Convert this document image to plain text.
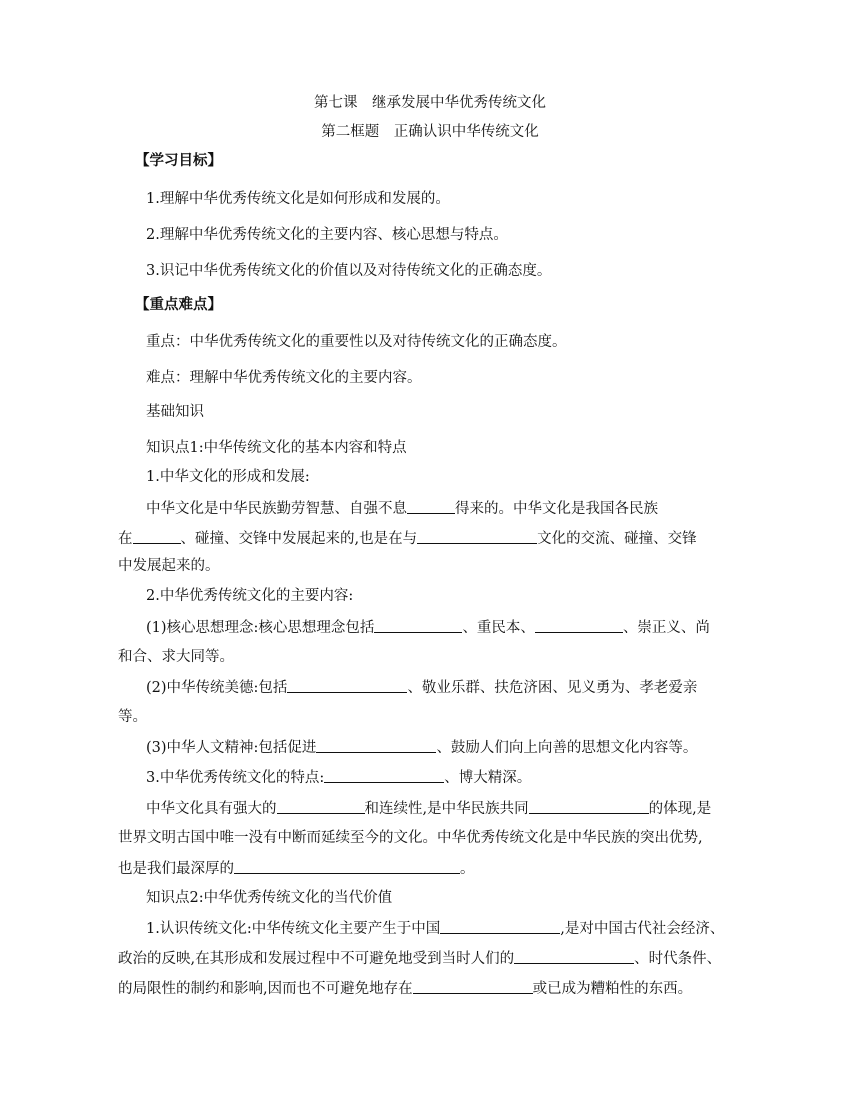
第七课　继承发展中华优秀传统文化
第二框题　正确认识中华传统文化
【学习目标】
1.理解中华优秀传统文化是如何形成和发展的。
2.理解中华优秀传统文化的主要内容、核心思想与特点。
3.识记中华优秀传统文化的价值以及对待传统文化的正确态度。
【重点难点】
重点：中华优秀传统文化的重要性以及对待传统文化的正确态度。
难点：理解中华优秀传统文化的主要内容。
基础知识
知识点1:中华传统文化的基本内容和特点
1.中华文化的形成和发展:
中华文化是中华民族勤劳智慧、自强不息	得来的。中华文化是我国各民族
在	、碰撞、交锋中发展起来的,也是在与	文化的交流、碰撞、交锋
中发展起来的。
2.中华优秀传统文化的主要内容:
(1)核心思想理念:核心思想理念包括	、重民本、	、崇正义、尚
和合、求大同等。
(2)中华传统美德:包括	、敬业乐群、扶危济困、见义勇为、孝老爱亲
等。
(3)中华人文精神:包括促进	、鼓励人们向上向善的思想文化内容等。
3.中华优秀传统文化的特点:	、博大精深。
中华文化具有强大的	和连续性,是中华民族共同	的体现,是
世界文明古国中唯一没有中断而延续至今的文化。中华优秀传统文化是中华民族的突出优势,
也是我们最深厚的	。
知识点2:中华优秀传统文化的当代价值
1.认识传统文化:中华传统文化主要产生于中国	,是对中国古代社会经济、
政治的反映,在其形成和发展过程中不可避免地受到当时人们的	、时代条件、
的局限性的制约和影响,因而也不可避免地存在	或已成为糟粕性的东西。
